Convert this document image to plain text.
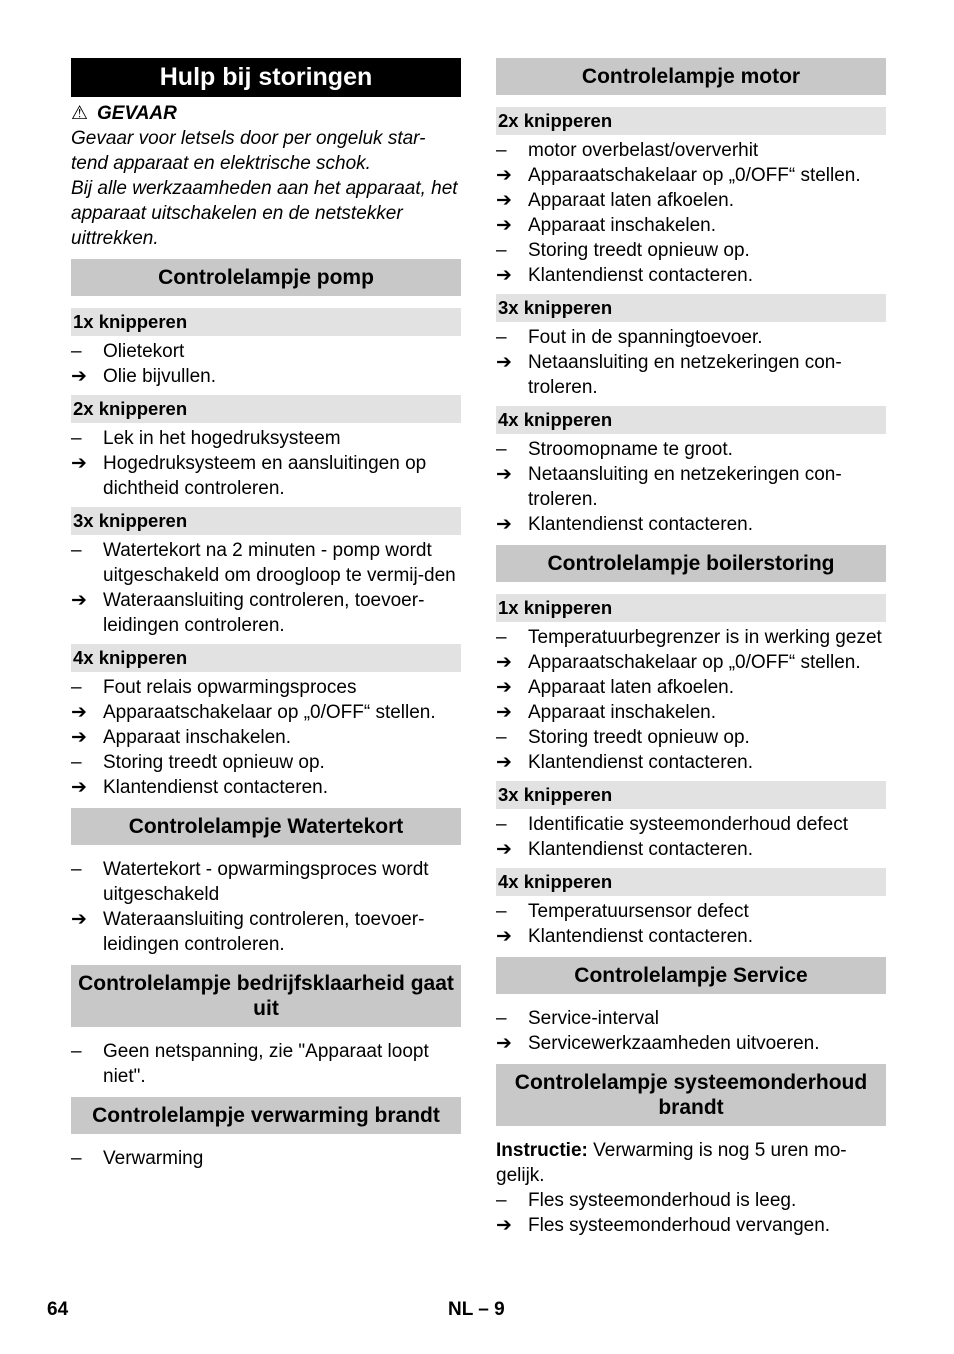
Hulp bij storingen
⚠ GEVAAR
Gevaar voor letsels door per ongeluk star-tend apparaat en elektrische schok.
Bij alle werkzaamheden aan het apparaat, het apparaat uitschakelen en de netstekker uittrekken.
Controlelampje pomp
1x knipperen
–	Olietekort
➔ Olie bijvullen.
2x knipperen
–	Lek in het hogedruksysteem
➔ Hogedruksysteem en aansluitingen op dichtheid controleren.
3x knipperen
–	Watertekort na 2 minuten - pomp wordt uitgeschakeld om droogloop te vermij-den
➔ Wateraansluiting controleren, toevoer-leidingen controleren.
4x knipperen
–	Fout relais opwarmingsproces
➔ Apparaatschakelaar op „0/OFF“ stellen.
➔ Apparaat inschakelen.
–	Storing treedt opnieuw op.
➔ Klantendienst contacteren.
Controlelampje Watertekort
–	Watertekort - opwarmingsproces wordt uitgeschakeld
➔ Wateraansluiting controleren, toevoer-leidingen controleren.
Controlelampje bedrijfsklaarheid gaat uit
–	Geen netspanning, zie "Apparaat loopt niet".
Controlelampje verwarming brandt
–	Verwarming
Controlelampje motor
2x knipperen
–	motor overbelast/oververhit
➔ Apparaatschakelaar op „0/OFF“ stellen.
➔ Apparaat laten afkoelen.
➔ Apparaat inschakelen.
–	Storing treedt opnieuw op.
➔ Klantendienst contacteren.
3x knipperen
–	Fout in de spanningtoevoer.
➔ Netaansluiting en netzekeringen con-troleren.
4x knipperen
–	Stroomopname te groot.
➔ Netaansluiting en netzekeringen con-troleren.
➔ Klantendienst contacteren.
Controlelampje boilerstoring
1x knipperen
–	Temperatuurbegrenzer is in werking gezet
➔ Apparaatschakelaar op „0/OFF“ stellen.
➔ Apparaat laten afkoelen.
➔ Apparaat inschakelen.
–	Storing treedt opnieuw op.
➔ Klantendienst contacteren.
3x knipperen
–	Identificatie systeemonderhoud defect
➔ Klantendienst contacteren.
4x knipperen
–	Temperatuursensor defect
➔ Klantendienst contacteren.
Controlelampje Service
–	Service-interval
➔ Servicewerkzaamheden uitvoeren.
Controlelampje systeemonderhoud brandt
Instructie: Verwarming is nog 5 uren mo-gelijk.
–	Fles systeemonderhoud is leeg.
➔ Fles systeemonderhoud vervangen.
64	NL – 9
